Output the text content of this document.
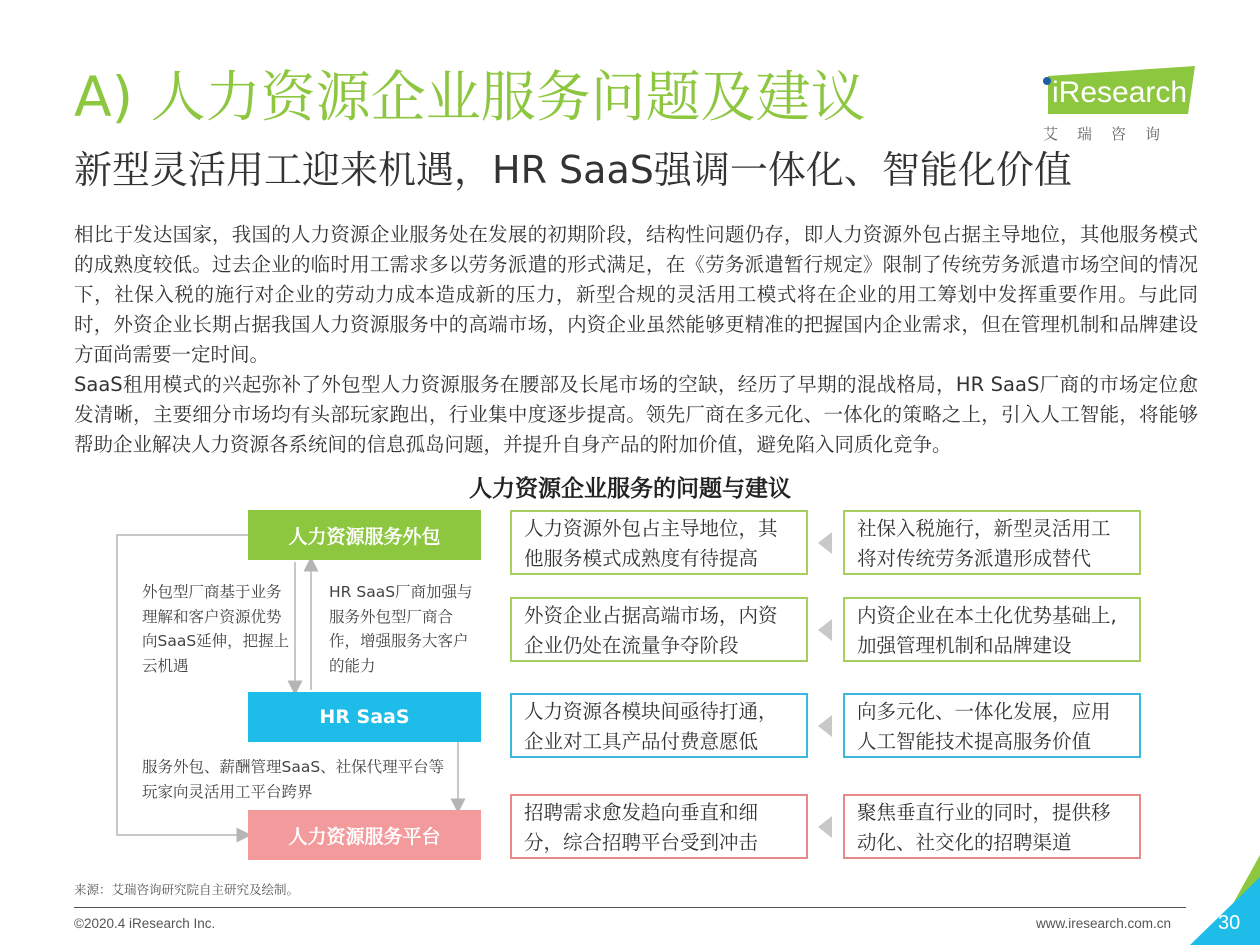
A) 人力资源企业服务问题及建议
新型灵活用工迎来机遇，HR SaaS强调一体化、智能化价值
iResearch
艾瑞咨询
相比于发达国家，我国的人力资源企业服务处在发展的初期阶段，结构性问题仍存，即人力资源外包占据主导地位，其他服务模式的成熟度较低。过去企业的临时用工需求多以劳务派遣的形式满足，在《劳务派遣暂行规定》限制了传统劳务派遣市场空间的情况下，社保入税的施行对企业的劳动力成本造成新的压力，新型合规的灵活用工模式将在企业的用工筹划中发挥重要作用。与此同时，外资企业长期占据我国人力资源服务中的高端市场，内资企业虽然能够更精准的把握国内企业需求，但在管理机制和品牌建设方面尚需要一定时间。
SaaS租用模式的兴起弥补了外包型人力资源服务在腰部及长尾市场的空缺，经历了早期的混战格局，HR SaaS厂商的市场定位愈发清晰，主要细分市场均有头部玩家跑出，行业集中度逐步提高。领先厂商在多元化、一体化的策略之上，引入人工智能，将能够帮助企业解决人力资源各系统间的信息孤岛问题，并提升自身产品的附加价值，避免陷入同质化竞争。
人力资源企业服务的问题与建议
人力资源服务外包
HR SaaS
人力资源服务平台
外包型厂商基于业务理解和客户资源优势向SaaS延伸，把握上云机遇
HR SaaS厂商加强与服务外包型厂商合作，增强服务大客户的能力
服务外包、薪酬管理SaaS、社保代理平台等玩家向灵活用工平台跨界
人力资源外包占主导地位，其他服务模式成熟度有待提高
外资企业占据高端市场，内资企业仍处在流量争夺阶段
人力资源各模块间亟待打通，企业对工具产品付费意愿低
招聘需求愈发趋向垂直和细分，综合招聘平台受到冲击
社保入税施行，新型灵活用工将对传统劳务派遣形成替代
内资企业在本土化优势基础上,加强管理机制和品牌建设
向多元化、一体化发展，应用人工智能技术提高服务价值
聚焦垂直行业的同时，提供移动化、社交化的招聘渠道
来源：艾瑞咨询研究院自主研究及绘制。
©2020.4 iResearch Inc.	www.iresearch.com.cn 30
